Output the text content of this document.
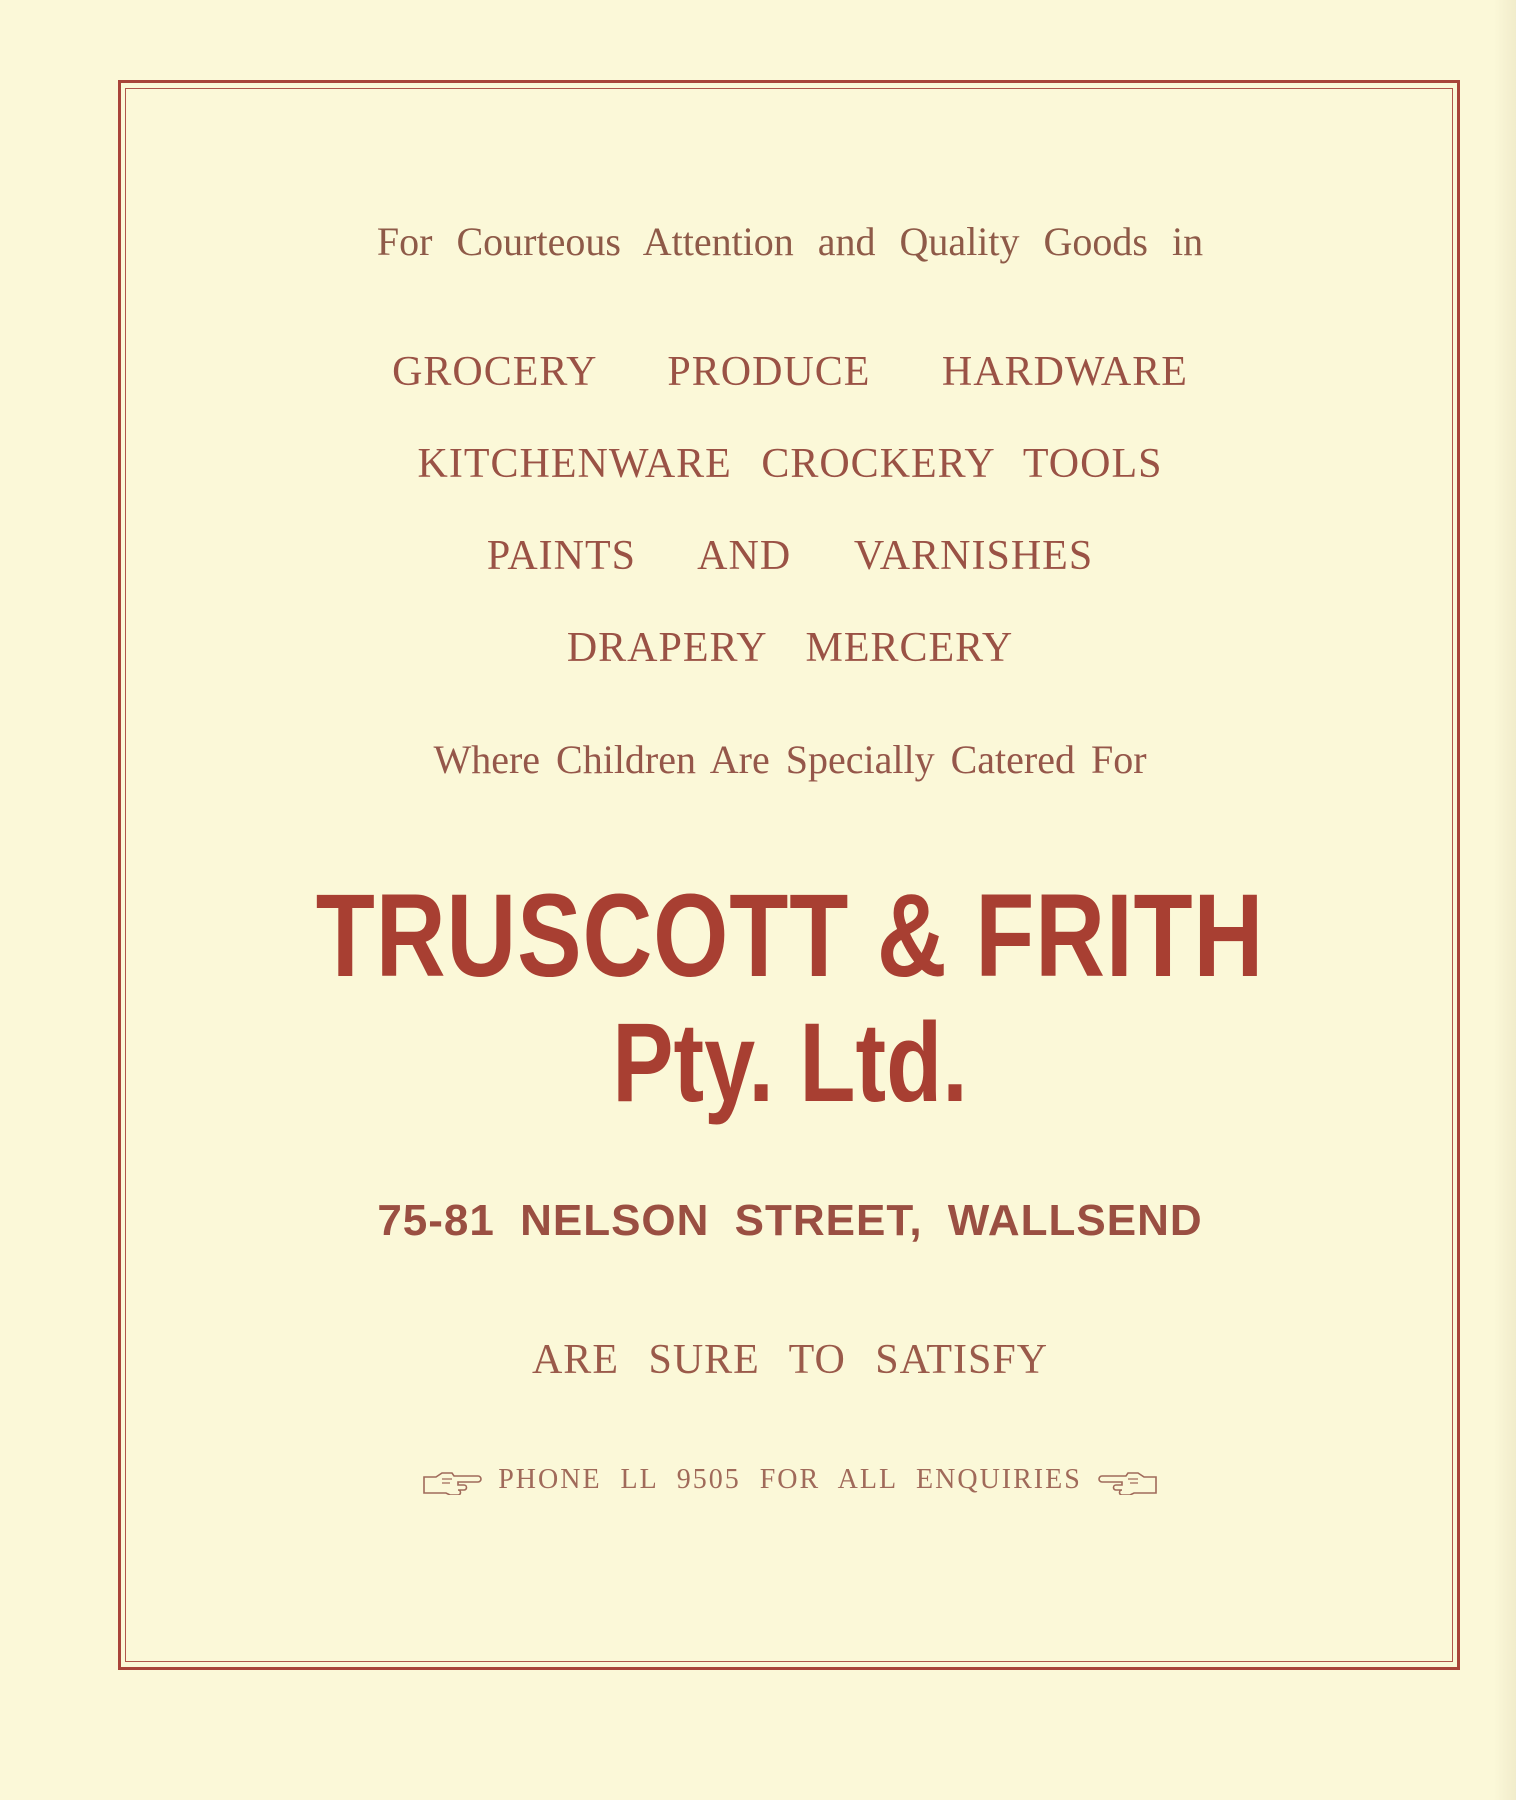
For Courteous Attention and Quality Goods in
GROCERY PRODUCE HARDWARE
KITCHENWARE CROCKERY TOOLS
PAINTS AND VARNISHES
DRAPERY MERCERY
Where Children Are Specially Catered For
TRUSCOTT & FRITH
Pty. Ltd.
75-81 NELSON STREET, WALLSEND
ARE SURE TO SATISFY
PHONE LL 9505 FOR ALL ENQUIRIES
